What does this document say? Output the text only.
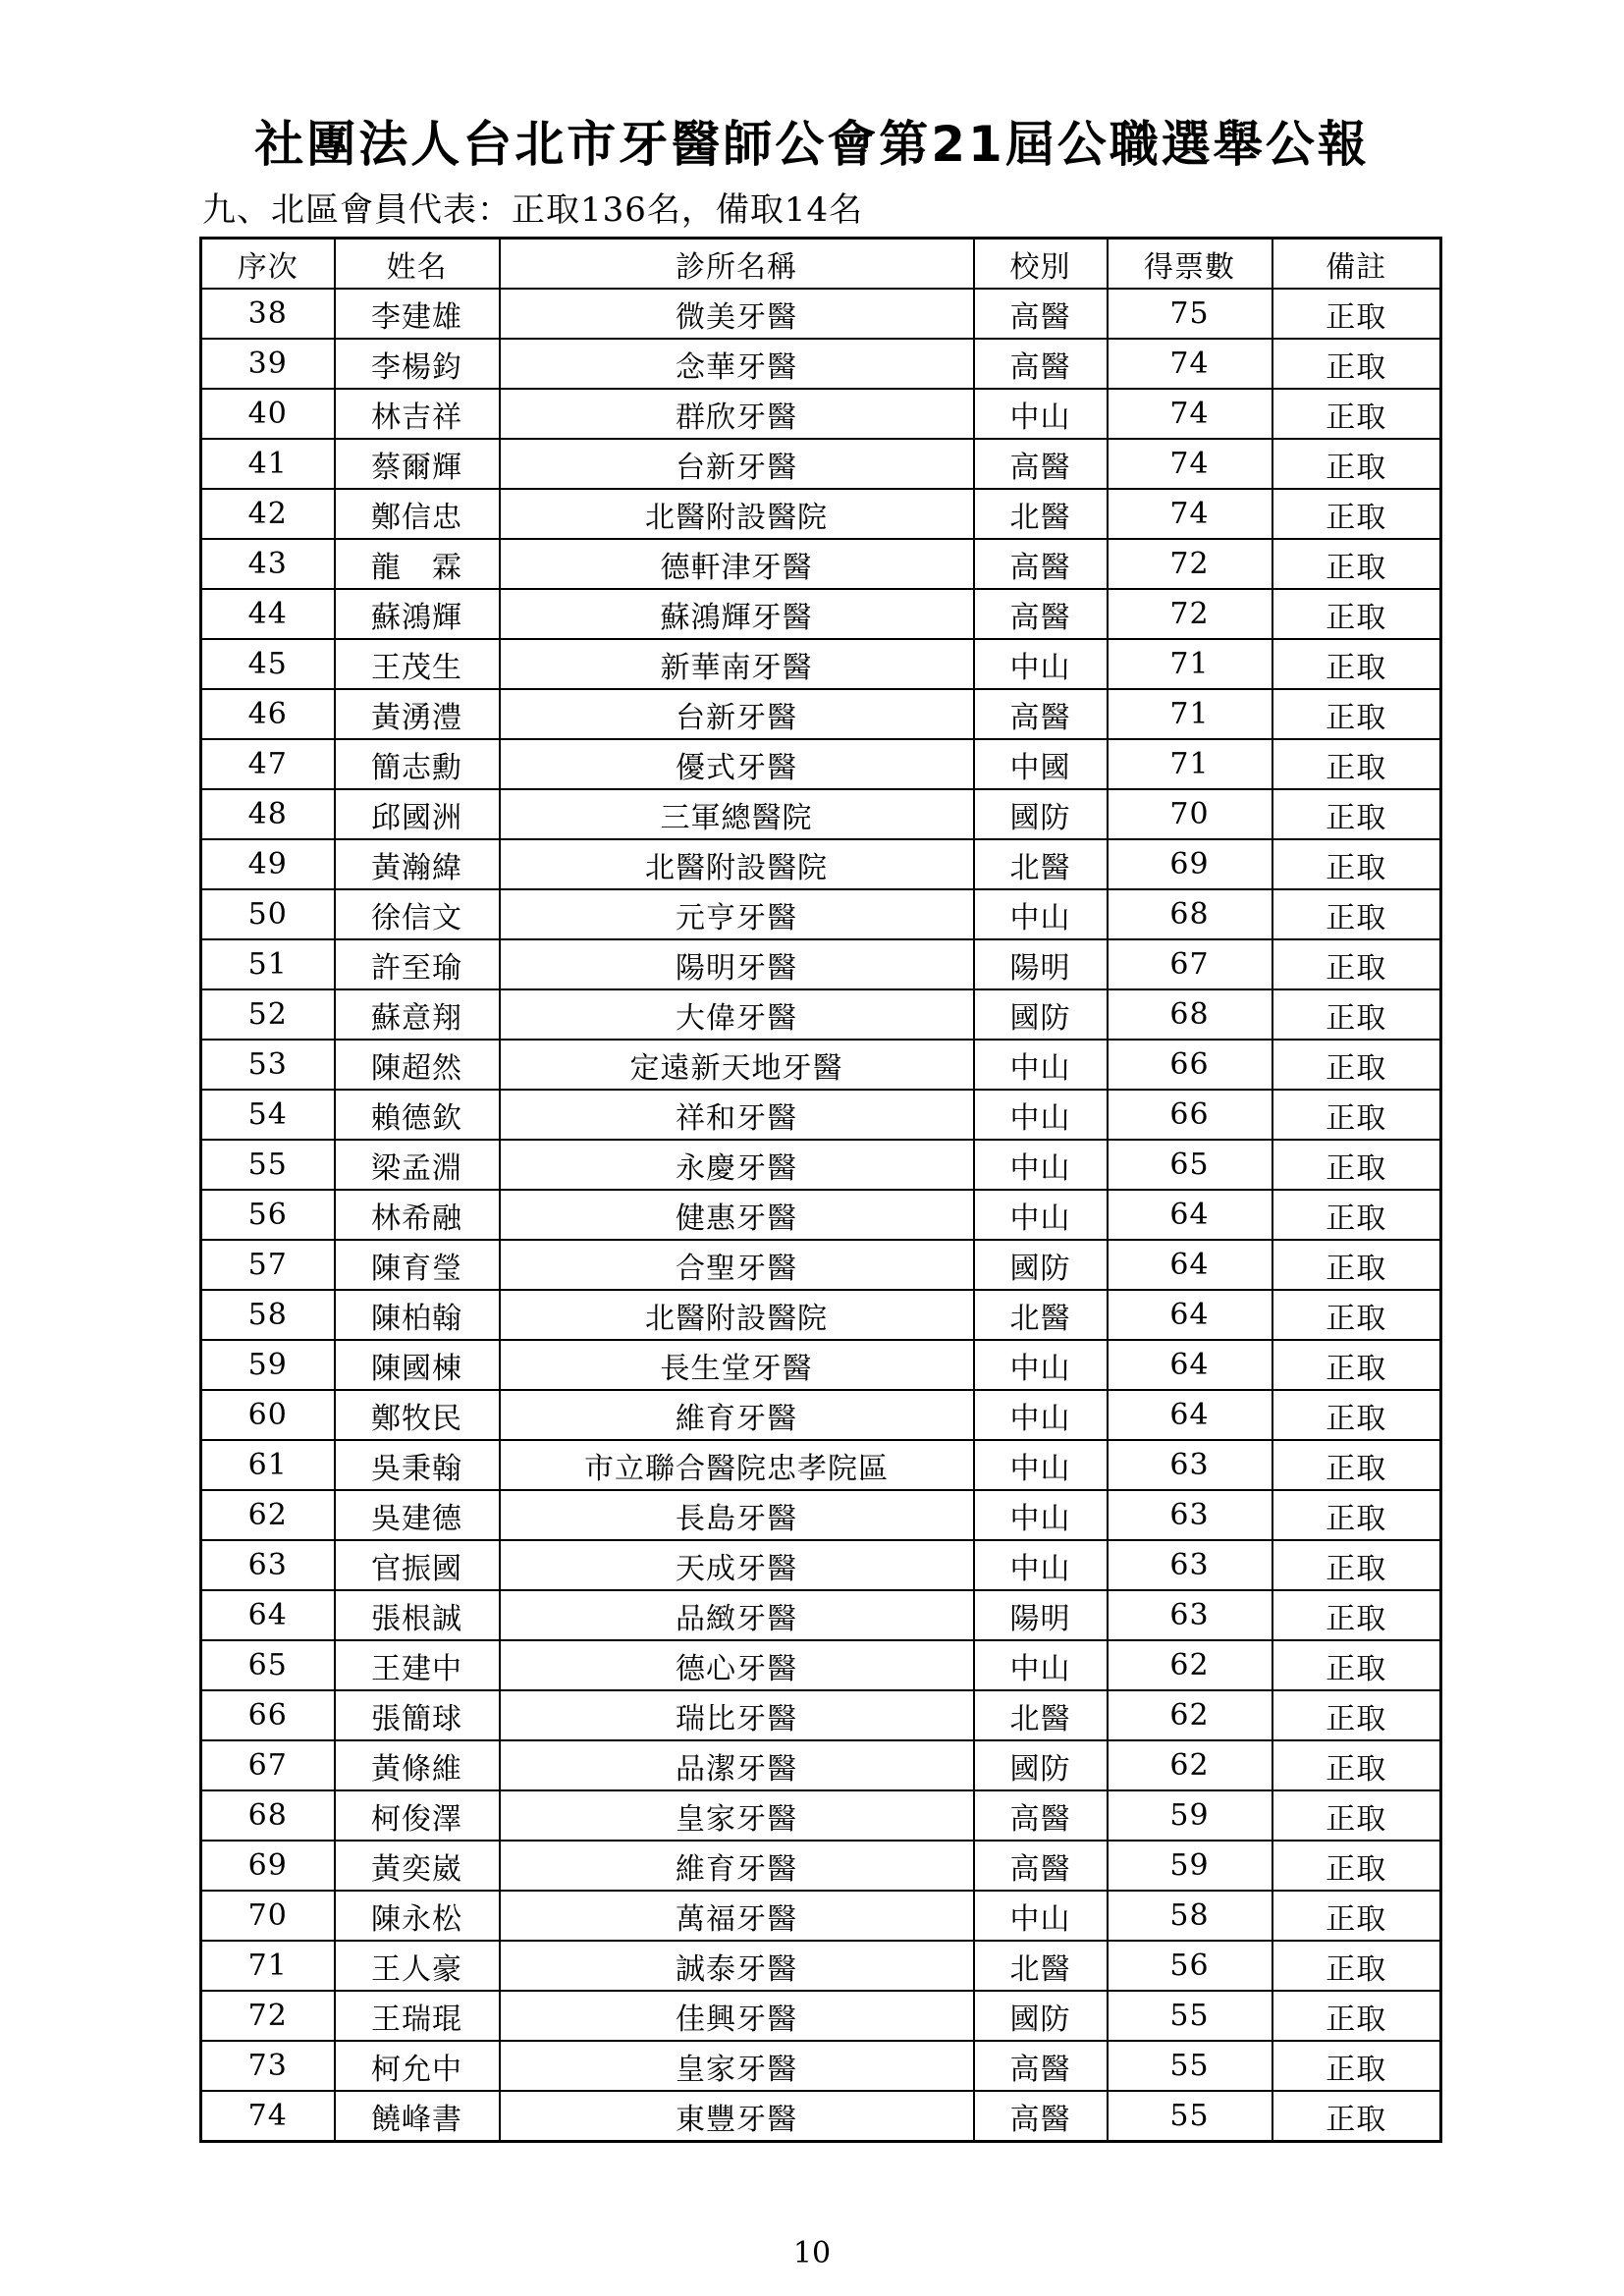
社團法人台北市牙醫師公會第21屆公職選舉公報
九、北區會員代表：正取136名，備取14名
序次	姓名	診所名稱	校別	得票數	備註
38	李建雄	微美牙醫	高醫	75	正取
39	李楊鈞	念華牙醫	高醫	74	正取
40	林吉祥	群欣牙醫	中山	74	正取
41	蔡爾輝	台新牙醫	高醫	74	正取
42	鄭信忠	北醫附設醫院	北醫	74	正取
43	龍　霖	德軒津牙醫	高醫	72	正取
44	蘇鴻輝	蘇鴻輝牙醫	高醫	72	正取
45	王茂生	新華南牙醫	中山	71	正取
46	黃湧澧	台新牙醫	高醫	71	正取
47	簡志勳	優式牙醫	中國	71	正取
48	邱國洲	三軍總醫院	國防	70	正取
49	黃瀚緯	北醫附設醫院	北醫	69	正取
50	徐信文	元亨牙醫	中山	68	正取
51	許至瑜	陽明牙醫	陽明	67	正取
52	蘇意翔	大偉牙醫	國防	68	正取
53	陳超然	定遠新天地牙醫	中山	66	正取
54	賴德欽	祥和牙醫	中山	66	正取
55	梁孟淵	永慶牙醫	中山	65	正取
56	林希融	健惠牙醫	中山	64	正取
57	陳育瑩	合聖牙醫	國防	64	正取
58	陳柏翰	北醫附設醫院	北醫	64	正取
59	陳國棟	長生堂牙醫	中山	64	正取
60	鄭牧民	維育牙醫	中山	64	正取
61	吳秉翰	市立聯合醫院忠孝院區	中山	63	正取
62	吳建德	長島牙醫	中山	63	正取
63	官振國	天成牙醫	中山	63	正取
64	張根誠	品緻牙醫	陽明	63	正取
65	王建中	德心牙醫	中山	62	正取
66	張簡球	瑞比牙醫	北醫	62	正取
67	黃條維	品潔牙醫	國防	62	正取
68	柯俊澤	皇家牙醫	高醫	59	正取
69	黃奕崴	維育牙醫	高醫	59	正取
70	陳永松	萬福牙醫	中山	58	正取
71	王人豪	誠泰牙醫	北醫	56	正取
72	王瑞琨	佳興牙醫	國防	55	正取
73	柯允中	皇家牙醫	高醫	55	正取
74	饒峰書	東豐牙醫	高醫	55	正取
10
